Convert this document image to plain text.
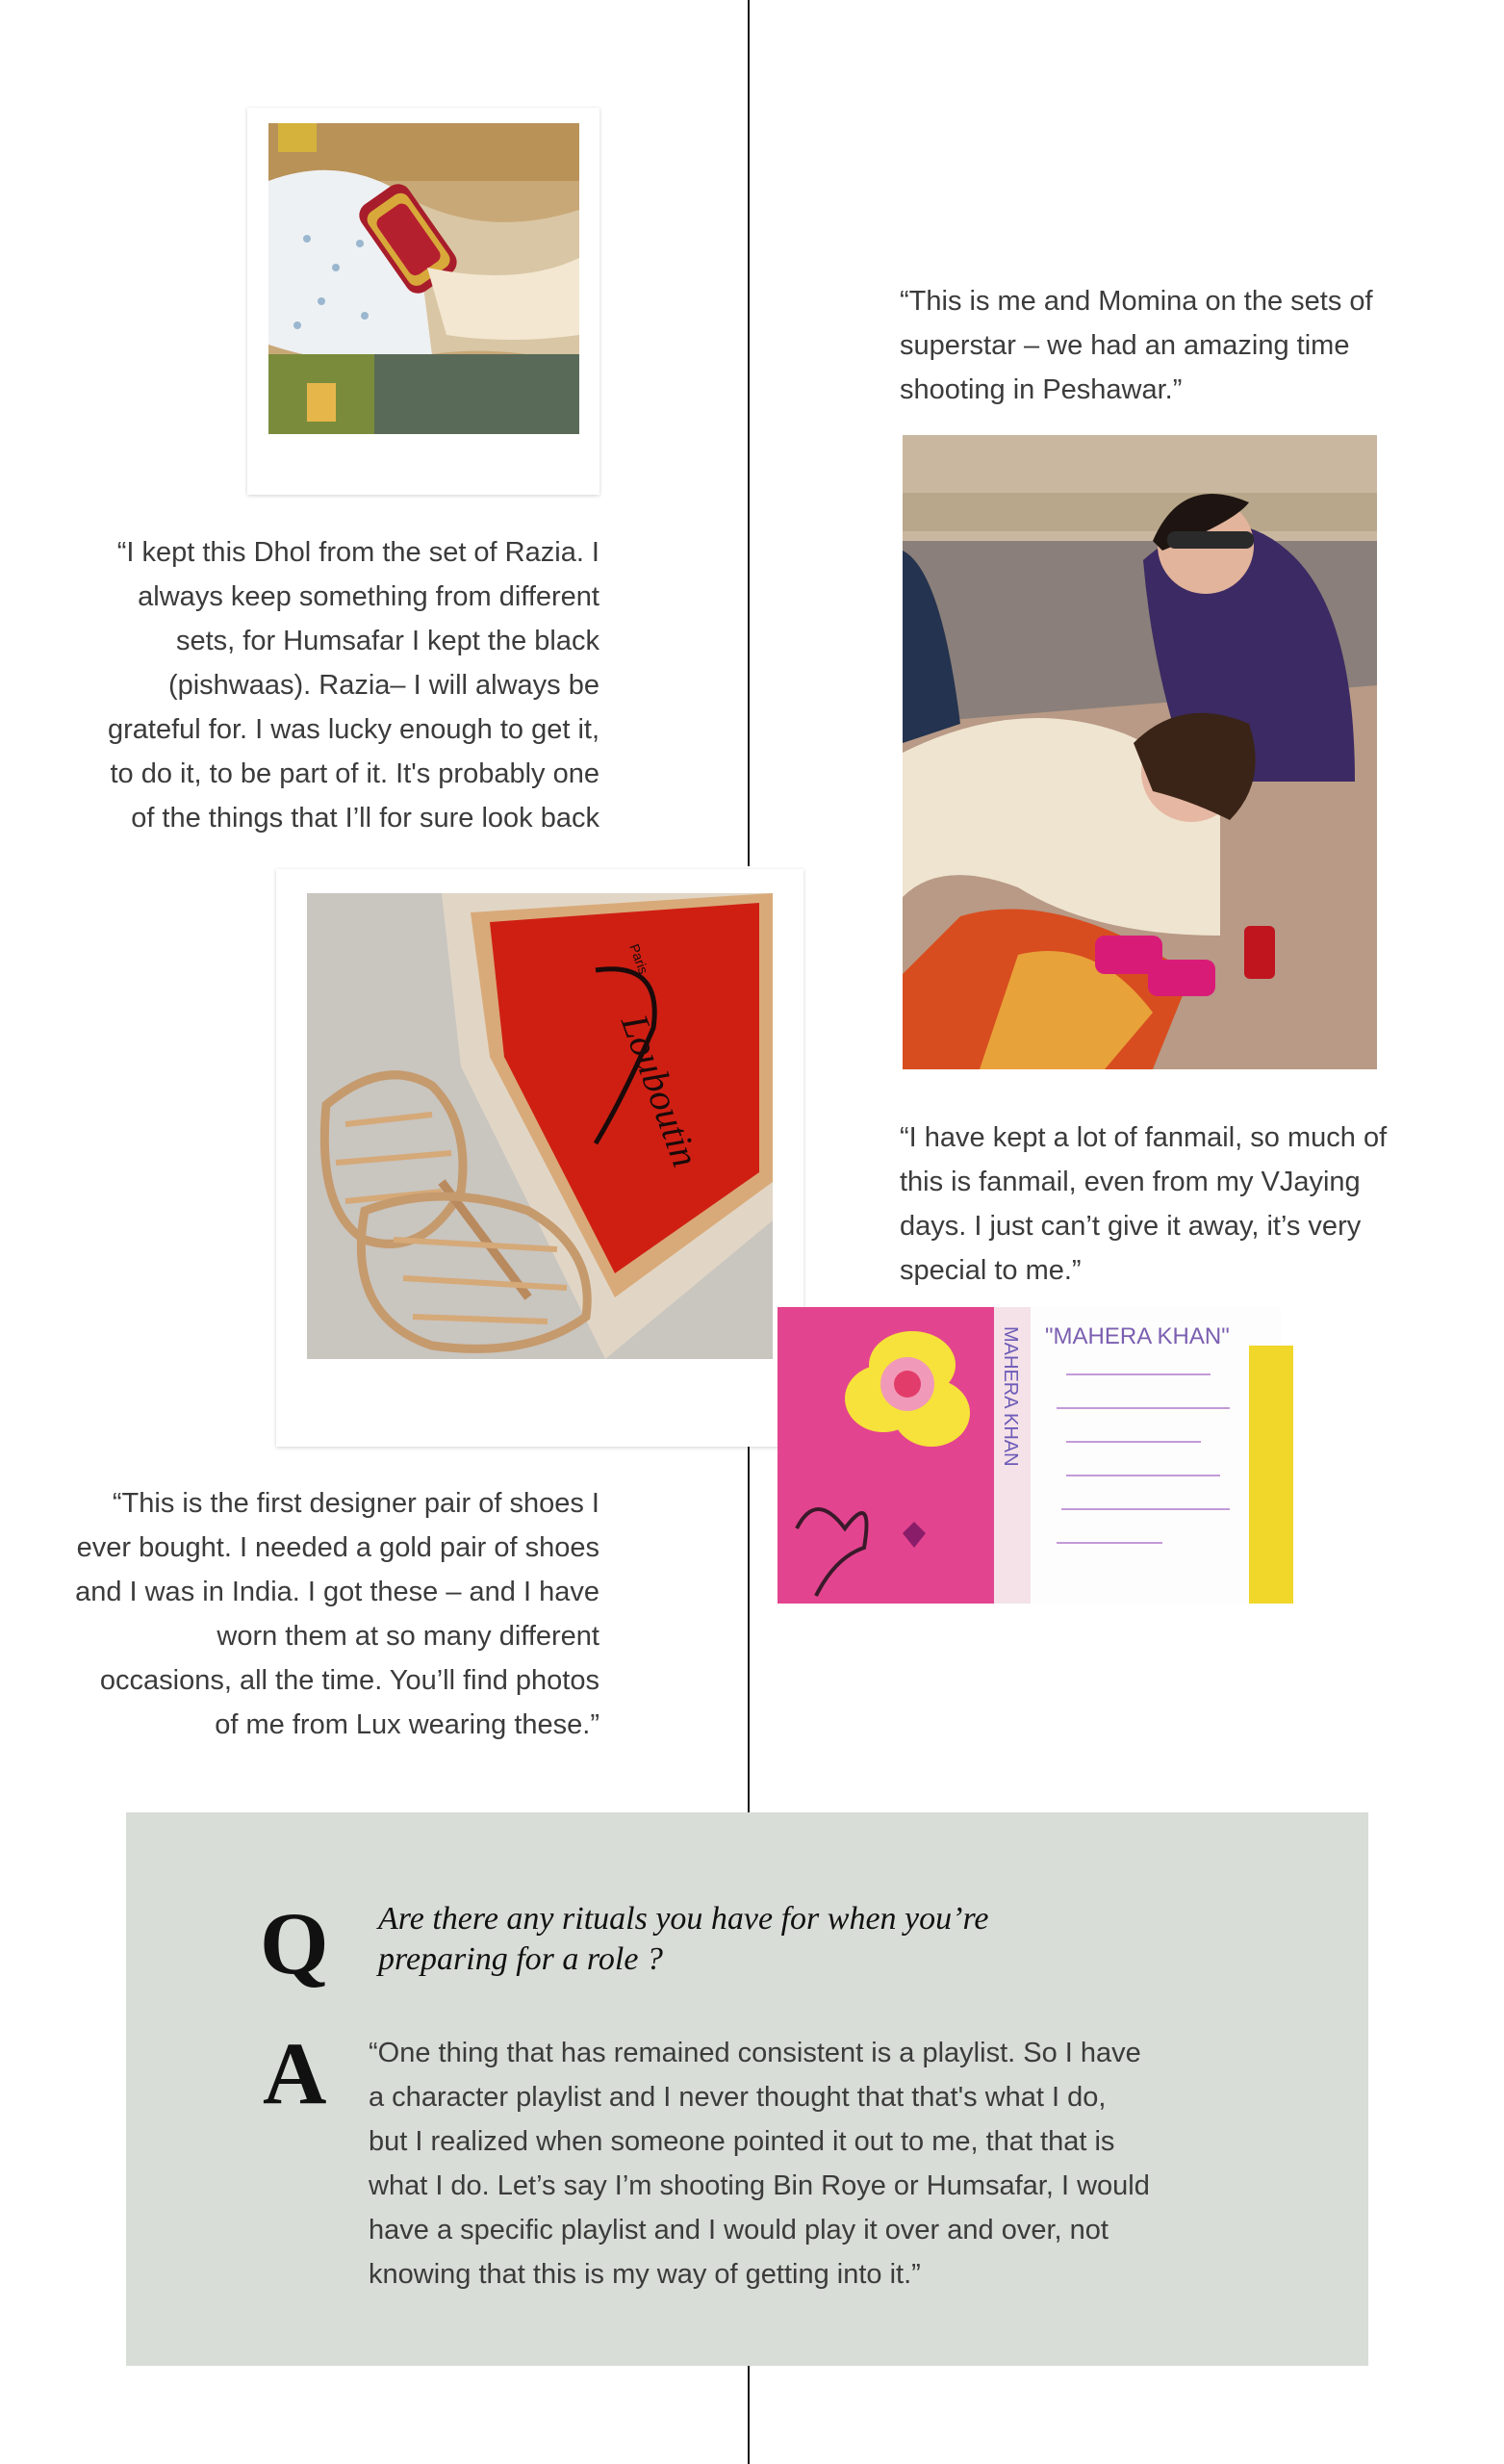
“I kept this Dhol from the set of Razia. I
always keep something from different
sets, for Humsafar I kept the black
(pishwaas). Razia– I will always be
grateful for. I was lucky enough to get it,
to do it, to be part of it. It's probably one
of the things that I’ll for sure look back

“This is me and Momina on the sets of
superstar – we had an amazing time
shooting in Peshawar.”

Louboutin
Paris

“I have kept a lot of fanmail, so much of
this is fanmail, even from my VJaying
days. I just can’t give it away, it’s very
special to me.”

MAHERA KHAN "MAHERA KHAN"

“This is the first designer pair of shoes I
ever bought. I needed a gold pair of shoes
and I was in India. I got these – and I have
worn them at so many different
occasions, all the time. You’ll find photos
of me from Lux wearing these.”

Q Are there any rituals you have for when you’re
preparing for a role ?

A “One thing that has remained consistent is a playlist. So I have
a character playlist and I never thought that that's what I do,
but I realized when someone pointed it out to me, that that is
what I do. Let’s say I’m shooting Bin Roye or Humsafar, I would
have a specific playlist and I would play it over and over, not
knowing that this is my way of getting into it.”
